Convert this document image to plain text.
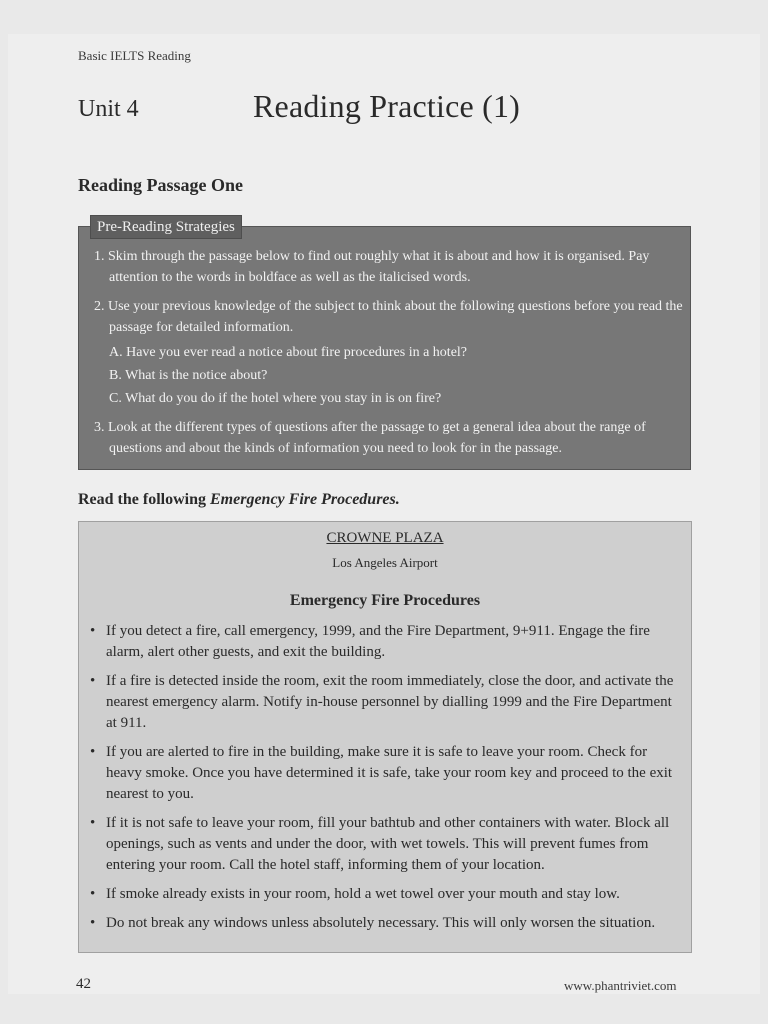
Basic IELTS Reading
Unit 4	Reading Practice (1)
Reading Passage One
Pre-Reading Strategies
1. Skim through the passage below to find out roughly what it is about and how it is organised. Pay attention to the words in boldface as well as the italicised words.
2. Use your previous knowledge of the subject to think about the following questions before you read the passage for detailed information.
A. Have you ever read a notice about fire procedures in a hotel?
B. What is the notice about?
C. What do you do if the hotel where you stay in is on fire?
3. Look at the different types of questions after the passage to get a general idea about the range of questions and about the kinds of information you need to look for in the passage.
Read the following Emergency Fire Procedures.
CROWNE PLAZA
Los Angeles Airport
Emergency Fire Procedures
• If you detect a fire, call emergency, 1999, and the Fire Department, 9+911. Engage the fire alarm, alert other guests, and exit the building.
• If a fire is detected inside the room, exit the room immediately, close the door, and activate the nearest emergency alarm. Notify in-house personnel by dialling 1999 and the Fire Department at 911.
• If you are alerted to fire in the building, make sure it is safe to leave your room. Check for heavy smoke. Once you have determined it is safe, take your room key and proceed to the exit nearest to you.
• If it is not safe to leave your room, fill your bathtub and other containers with water. Block all openings, such as vents and under the door, with wet towels. This will prevent fumes from entering your room. Call the hotel staff, informing them of your location.
• If smoke already exists in your room, hold a wet towel over your mouth and stay low.
• Do not break any windows unless absolutely necessary. This will only worsen the situation.
42	www.phantriviet.com
